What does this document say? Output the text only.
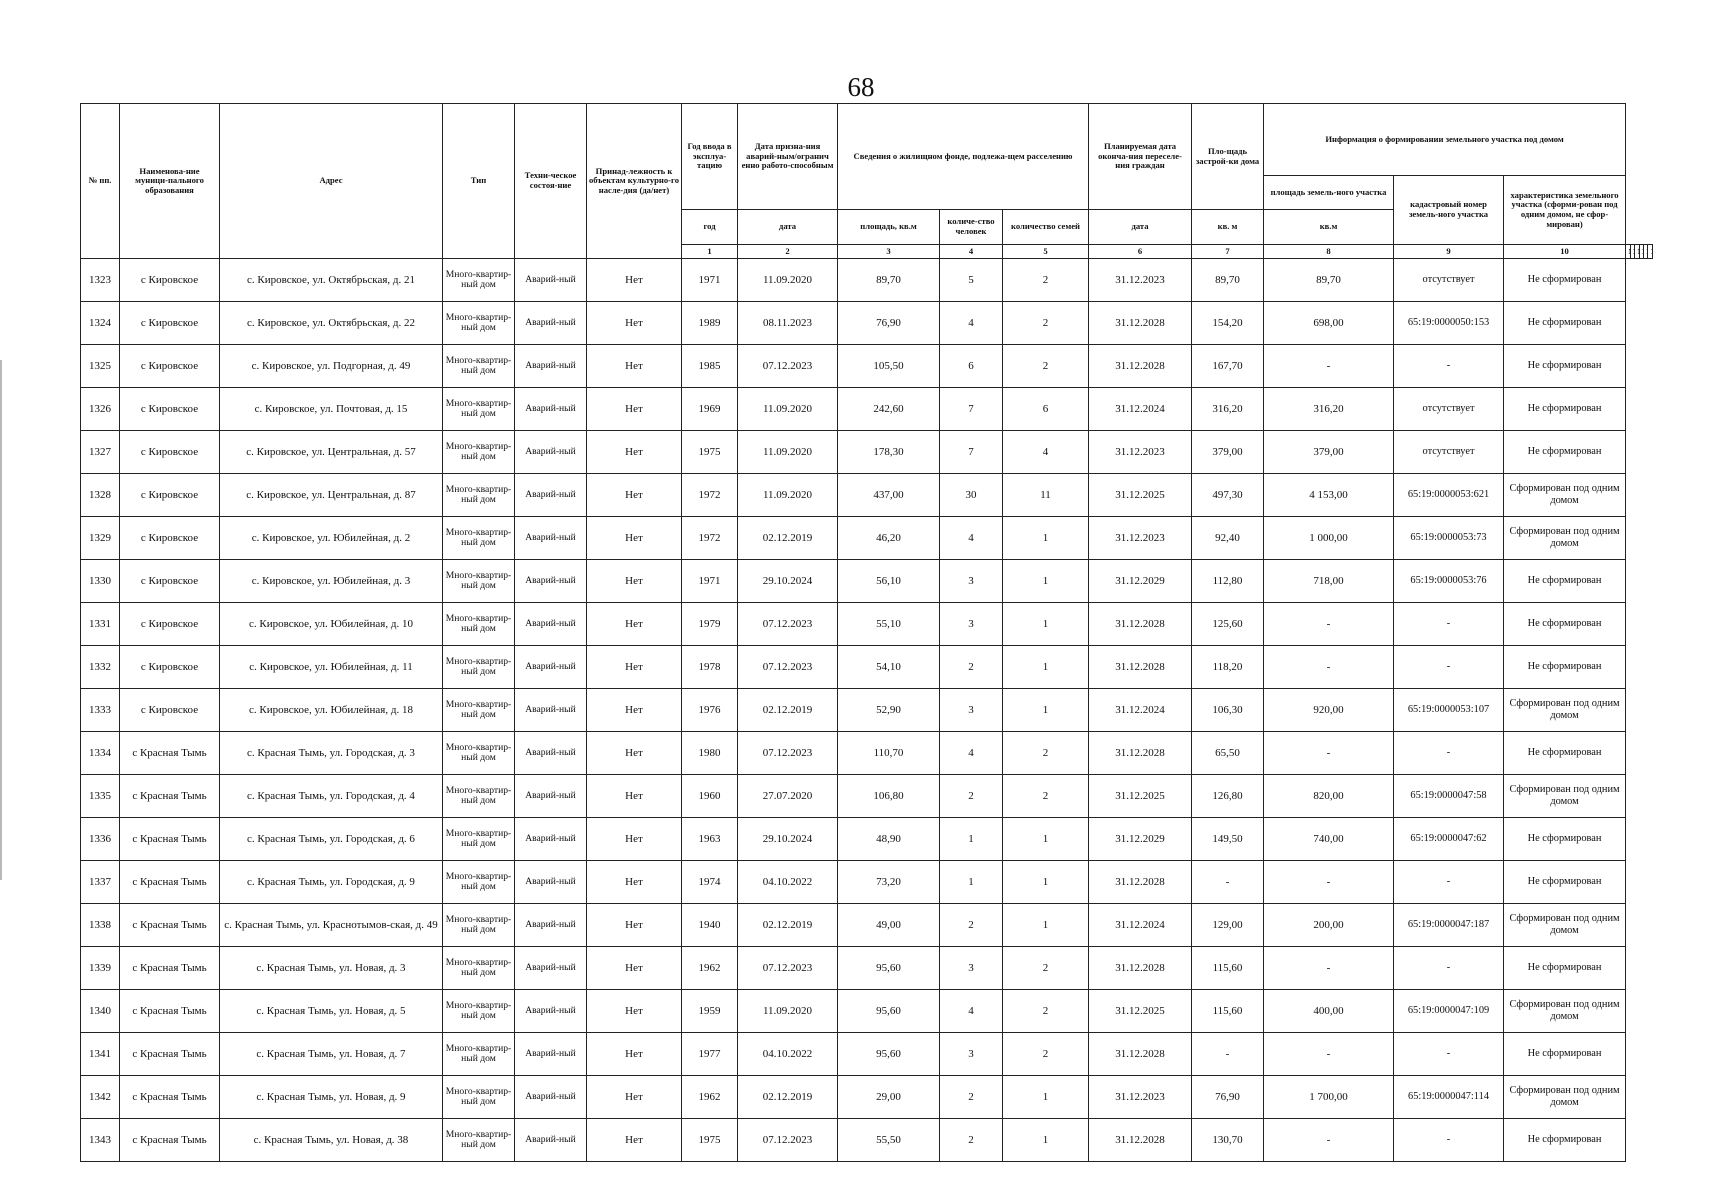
68
№ пп.	Наименова-ние муници-пального образования	Адрес	Тип	Техни-ческое состоя-ние	Принад-лежность к объектам культурно-го насле-дия (да/нет)	Год ввода в эксплуа-тацию	Дата призна-ния аварий-ным/огранич енно работо-способным	Сведения о жилищном фонде, подлежа-щем расселению			Планируемая дата оконча-ния переселе-ния граждан	Пло-щадь застрой-ки дома	Информация о формировании земельного участка под домом								
													площадь земель-ного участка	кадастровый номер земель-ного участка	характеристика земельного участка (сформи-рован под одним домом, не сфор-мирован)						
						год	дата	площадь, кв.м	количе-ство человек	количество семей	дата	кв. м	кв.м								
						1	2	3	4	5	6	7	8	9	10						
1323	с Кировское	с. Кировское, ул. Октябрьская, д. 21	Много-квартир-ный дом	Аварий-ный	Нет	1971	11.09.2020	89,70	5	2	31.12.2023	89,70	89,70	отсутствует	Не сформирован						
1324	с Кировское	с. Кировское, ул. Октябрьская, д. 22	Много-квартир-ный дом	Аварий-ный	Нет	1989	08.11.2023	76,90	4	2	31.12.2028	154,20	698,00	65:19:0000050:153	Не сформирован						
1325	с Кировское	с. Кировское, ул. Подгорная, д. 49	Много-квартир-ный дом	Аварий-ный	Нет	1985	07.12.2023	105,50	6	2	31.12.2028	167,70	-	-	Не сформирован						
1326	с Кировское	с. Кировское, ул. Почтовая, д. 15	Много-квартир-ный дом	Аварий-ный	Нет	1969	11.09.2020	242,60	7	6	31.12.2024	316,20	316,20	отсутствует	Не сформирован						
1327	с Кировское	с. Кировское, ул. Центральная, д. 57	Много-квартир-ный дом	Аварий-ный	Нет	1975	11.09.2020	178,30	7	4	31.12.2023	379,00	379,00	отсутствует	Не сформирован						
1328	с Кировское	с. Кировское, ул. Центральная, д. 87	Много-квартир-ный дом	Аварий-ный	Нет	1972	11.09.2020	437,00	30	11	31.12.2025	497,30	4 153,00	65:19:0000053:621	Сформирован под одним домом						
1329	с Кировское	с. Кировское, ул. Юбилейная, д. 2	Много-квартир-ный дом	Аварий-ный	Нет	1972	02.12.2019	46,20	4	1	31.12.2023	92,40	1 000,00	65:19:0000053:73	Сформирован под одним домом						
1330	с Кировское	с. Кировское, ул. Юбилейная, д. 3	Много-квартир-ный дом	Аварий-ный	Нет	1971	29.10.2024	56,10	3	1	31.12.2029	112,80	718,00	65:19:0000053:76	Не сформирован						
1331	с Кировское	с. Кировское, ул. Юбилейная, д. 10	Много-квартир-ный дом	Аварий-ный	Нет	1979	07.12.2023	55,10	3	1	31.12.2028	125,60	-	-	Не сформирован						
1332	с Кировское	с. Кировское, ул. Юбилейная, д. 11	Много-квартир-ный дом	Аварий-ный	Нет	1978	07.12.2023	54,10	2	1	31.12.2028	118,20	-	-	Не сформирован						
1333	с Кировское	с. Кировское, ул. Юбилейная, д. 18	Много-квартир-ный дом	Аварий-ный	Нет	1976	02.12.2019	52,90	3	1	31.12.2024	106,30	920,00	65:19:0000053:107	Сформирован под одним домом						
1334	с Красная Тымь	с. Красная Тымь, ул. Городская, д. 3	Много-квартир-ный дом	Аварий-ный	Нет	1980	07.12.2023	110,70	4	2	31.12.2028	65,50	-	-	Не сформирован						
1335	с Красная Тымь	с. Красная Тымь, ул. Городская, д. 4	Много-квартир-ный дом	Аварий-ный	Нет	1960	27.07.2020	106,80	2	2	31.12.2025	126,80	820,00	65:19:0000047:58	Сформирован под одним домом						
1336	с Красная Тымь	с. Красная Тымь, ул. Городская, д. 6	Много-квартир-ный дом	Аварий-ный	Нет	1963	29.10.2024	48,90	1	1	31.12.2029	149,50	740,00	65:19:0000047:62	Не сформирован						
1337	с Красная Тымь	с. Красная Тымь, ул. Городская, д. 9	Много-квартир-ный дом	Аварий-ный	Нет	1974	04.10.2022	73,20	1	1	31.12.2028	-	-	-	Не сформирован						
1338	с Красная Тымь	с. Красная Тымь, ул. Краснотымов-ская, д. 49	Много-квартир-ный дом	Аварий-ный	Нет	1940	02.12.2019	49,00	2	1	31.12.2024	129,00	200,00	65:19:0000047:187	Сформирован под одним домом						
1339	с Красная Тымь	с. Красная Тымь, ул. Новая, д. 3	Много-квартир-ный дом	Аварий-ный	Нет	1962	07.12.2023	95,60	3	2	31.12.2028	115,60	-	-	Не сформирован						
1340	с Красная Тымь	с. Красная Тымь, ул. Новая, д. 5	Много-квартир-ный дом	Аварий-ный	Нет	1959	11.09.2020	95,60	4	2	31.12.2025	115,60	400,00	65:19:0000047:109	Сформирован под одним домом						
1341	с Красная Тымь	с. Красная Тымь, ул. Новая, д. 7	Много-квартир-ный дом	Аварий-ный	Нет	1977	04.10.2022	95,60	3	2	31.12.2028	-	-	-	Не сформирован						
1342	с Красная Тымь	с. Красная Тымь, ул. Новая, д. 9	Много-квартир-ный дом	Аварий-ный	Нет	1962	02.12.2019	29,00	2	1	31.12.2023	76,90	1 700,00	65:19:0000047:114	Сформирован под одним домом						
1343	с Красная Тымь	с. Красная Тымь, ул. Новая, д. 38	Много-квартир-ный дом	Аварий-ный	Нет	1975	07.12.2023	55,50	2	1	31.12.2028	130,70	-	-	Не сформирован						
